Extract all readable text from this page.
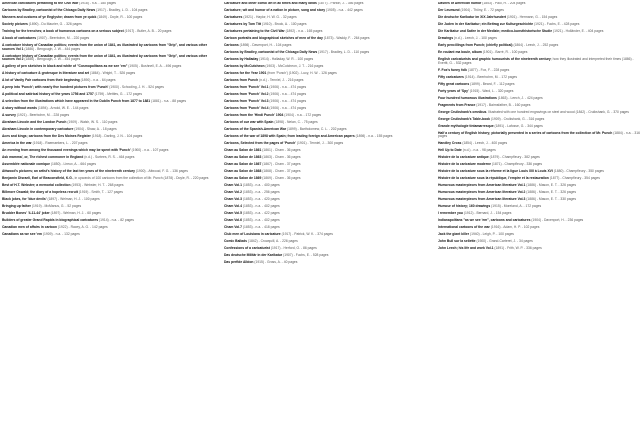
American caricatures pertaining to the Civil War (1918) - n.a. - 180 pages

Cartoons by Bradley, cartoonist of the Chicago Daily News (1917) - Bradley, L. D. - 104 pages

Manners and customs of ye Englyshe; drawn from ye quick (1849) - Doyle, R. - 100 pages

Society pictures (1890) - Du Maurier, G. - 326 pages

Training for the trenches; a book of humorous cartoons on a serious subject (1917) - Butler, A. B. - 20 pages

A book of caricatures (1907) - Beerbohm, M. - 220 pages

A caricature history of Canadian politics; events from the union of 1841, as illustrated by cartoons from "Grip", and various other sources Vol 1 (1886) - Bengough, J. W. - 444 pages

A caricature history of Canadian politics; events from the union of 1841, as illustrated by cartoons from "Grip", and various other sources Vol 2 (1886) - Bengough, J. W. - 444 pages

A gallery of pen sketches in black and white of "Cosmopolitans as we see 'em" (1905) - Bushnell, E. A. - 496 pages

A history of caricature & grotesque in literature and art (1864) - Wright, T. - 526 pages

A lot of Vanity Fair cartoons from their beginning (1890) - n.a. - 64 pages

A peep into 'Punch'; with nearly five hundred pictures from 'Punch' (1900) - Schooling, J. H. - 524 pages

A political and satirical history of the years 1756 and 1757 (1759) - Mettles, G. - 172 pages

A selection from the illustrations which have appeared in the Dublin Punch from 1877 to 1881 (1881) - n.a. - 88 pages

A story without words (1894) - Arnold, W. E. - 144 pages

A survey (1921) - Beerbohm, M. - 228 pages

Abraham Lincoln and the London Punch (1909) - Walsh, W. S. - 110 pages

Abraham Lincoln in contemporary caricature (1904) - Shaw, A. - 18 pages

Aces and kings; cartoons from the Des Moines Register (1918) - Darling, J. N. - 104 pages

America in the war (1918) - Raemaekers, L. - 207 pages

An evening from among the thousand evenings which may be spent with 'Punch' (1900) - n.a. - 107 pages

Ask mamma', or, The richest commoner in England (n.d.) - Surtees, R. S. - 464 pages

Assemblée nationale comique (1850) - Lireux, A. - 664 pages

Attwood's pictures; an artist's history of the last ten years of the nineteenth century (1900) - Attwood, F. G. - 136 pages

Benjamin Disraeli, Earl of Beaconsfield, K.G., in upwards of 100 cartoons from the collection of Mr. Punch (1878) - Doyle, R. - 220 pages

Best of H.T. Webster; a memorial collection (1953) - Webster, H. T. - 268 pages

Billmore Oswald; the diary of a hopeless recruit (1919) - Smith, T. - 127 pages

Black jokes, for 'blue devils' (1897) - Welman, H. J. - 100 pages

Bringing up father (1919) - McManus, G. - 52 pages

Brudder Bones' '4-11-44' joker (1897) - Welman, H. J. - 60 pages

Builders of greater Grand Rapids in biographical caricatures (1914) - n.a. - 82 pages

Canadian men of affairs in cartoon (1922) - Racey, A. G. - 142 pages

Canadians as we see 'em (1909) - n.a. - 132 pages
Caricature and other comic art in all times and many lands (1877) - Parton, J. - 356 pages

Caricature; wit and humor of a nation in picture, song and story (1905) - n.a. - 442 pages

Caricatures (1921) - Haylor, H. W. G. - 32 pages

Caricatures by Tom Titt (1910) - Brock, A. - 100 pages

Caricatures pertaining to the Civil War (1892) - n.a. - 165 pages

Cartoon portraits and biographical sketches of men of the day (1873) - Waddy, F. - 264 pages

Cartoons (1898) - Davenport, H. - 104 pages

Cartoons by Bradley, cartoonist of the Chicago Daily News (1917) - Bradley, L. D. - 110 pages

Cartoons by Halladay (1914) - Halladay, W. R. - 100 pages

Cartoons by McCutcheon (1903) - McCutcheon, J. T. - 216 pages

Cartoons for the Year 1901 (from 'Punch') (1902) - Lucy, H. W. - 126 pages

Cartoons from Punch (n.d.) - Tenniel, J. - 216 pages

Cartoons from 'Punch' Vol.1 (1906) - n.a. - 474 pages

Cartoons from 'Punch' Vol.2 (1906) - n.a. - 474 pages

Cartoons from 'Punch' Vol.3 (1906) - n.a. - 474 pages

Cartoons from 'Punch' Vol.4 (1906) - n.a. - 474 pages

Cartoons from the 'Hindi Punch' 1904 (1904) - n.a. - 172 pages

Cartoons of our war with Spain (1898) - Nelan, C. - 75 pages

Cartoons of the Spanish-American War (1899) - Bartholomew, C. L. - 202 pages

Cartoons of the war of 1898 with Spain; from leading foreign and American papers (1898) - n.a. - 155 pages

Cartoons, Selected from the pages of 'Punch' (1901) - Tenniel, J. - 300 pages

Cham au Salon de 1861 (1861) - Cham - 36 pages

Cham au Salon de 1863 (1863) - Cham - 36 pages

Cham au Salon de 1867 (1867) - Cham - 37 pages

Cham au Salon de 1868 (1868) - Cham - 37 pages

Cham au Salon de 1869 (1869) - Cham - 36 pages

Cham Vol.1 (1853) - n.a. - 400 pages

Cham Vol.2 (1853) - n.a. - 256 pages

Cham Vol.3 (1853) - n.a. - 420 pages

Cham Vol.4 (1853) - n.a. - 402 pages

Cham Vol.5 (1853) - n.a. - 422 pages

Cham Vol.6 (1853) - n.a. - 402 pages

Cham Vol.7 (1853) - n.a. - 418 pages

Club men of Louisiana in caricature (1917) - Patrick, W. K. - 374 pages

Comic Ballads (1842) - Crowquill, A. - 226 pages

Confessions of a caricaturist (1917) - Herford, O. - 86 pages

Das deutsche Militär in der Karikatur (1907) - Fuchs, E. - 528 pages

Das perfide Albion (1915) - Gross, A. - 40 pages
Dashes of American humor (1853) - Paul, H. - 204 pages

Der Leumund (1904) - Thöny, E. - 72 pages

Die deutsche Karikatur im XIX Jahrhundert (1901) - Hermann, G. - 154 pages

Die Juden in der Karikatur; ein Beitrag zur Kulturgeschichte (1921) - Fuchs, E. - 428 pages

Die Karikatur und Satire in der Medizin; medico-kunsthistorische Studie (1921) - Holländer, E. - 404 pages

Drawings (n.d.) - Leech, J. - 100 pages

Early pencillings from Punch; (chiefly political) (1864) - Leech, J. - 252 pages

En roulant ma boule, album (1901) - Barré, R. - 100 pages

English caricaturists and graphic humourists of the nineteenth century; how they illustrated and interpreted their times (1886) - Everitt, G. - 532 pages

F. Fox's funny folk (1877) - Fox, F. - 228 pages

Fifty caricatures (1914) - Beerbohm, M. - 172 pages

Fifty great cartoons (1899) - Beard, F. - 112 pages

Forty years of 'Spy' (1915) - Ward, L. - 320 pages

Four hundred humorous illustrations (1863) - Leech, J. - 424 pages

Fragments from France (1917) - Bairnsfather, B. - 160 pages

George Cruikshank's omnibus. Illustrated with one hundred engravings on steel and wood (1842) - Cruikshank, G. - 370 pages

George Cruikshank's Table-book (1909) - Cruikshank, G. - 316 pages

Grande mythologie tintamarresque (1891) - Lafosse, G. - 344 pages

Half a century of English history; pictorially presented in a series of cartoons from the collection of Mr. Punch (1884) - n.a. - 316 pages

Handley Cross (1854) - Leech, J. - 400 pages

Hell Up to Date (n.d.) - n.a. - 98 pages

Histoire de la caricature antique (1879) - Champfleury - 382 pages

Histoire de la caricature moderne (1871) - Champfleury - 336 pages

Histoire de la caricature sous la réforme et la ligue Louis XIII à Louis XVI (1880) - Champfleury - 350 pages

Histoire de la caricature sous la république, l'empire et la restauration (1877) - Champfleury - 354 pages

Humorous masterpieces from American literature Vol.1 (1886) - Mason, E. T. - 326 pages

Humorous masterpieces from American literature Vol.2 (1886) - Mason, E. T. - 326 pages

Humorous masterpieces from American literature Vol.3 (1886) - Mason, E. T. - 330 pages

Humour of history; 160 drawings (1915) - Moreland, A. - 172 pages

I remember you (1912) - Bernard, J. - 154 pages

Indianapolitans "as we see 'em", cartoons and caricatures (1904) - Davenport, H. - 236 pages

International cartoons of the war (1916) - Adam, H. P. - 102 pages

Jack the giant killer (1940) - Leigh, P. - 100 pages

John Bull sur la sellette (1900) - Grand-Carteret, J. - 34 pages

John Leech; his life and work Vol.1 (1891) - Frith, W. P. - 336 pages
